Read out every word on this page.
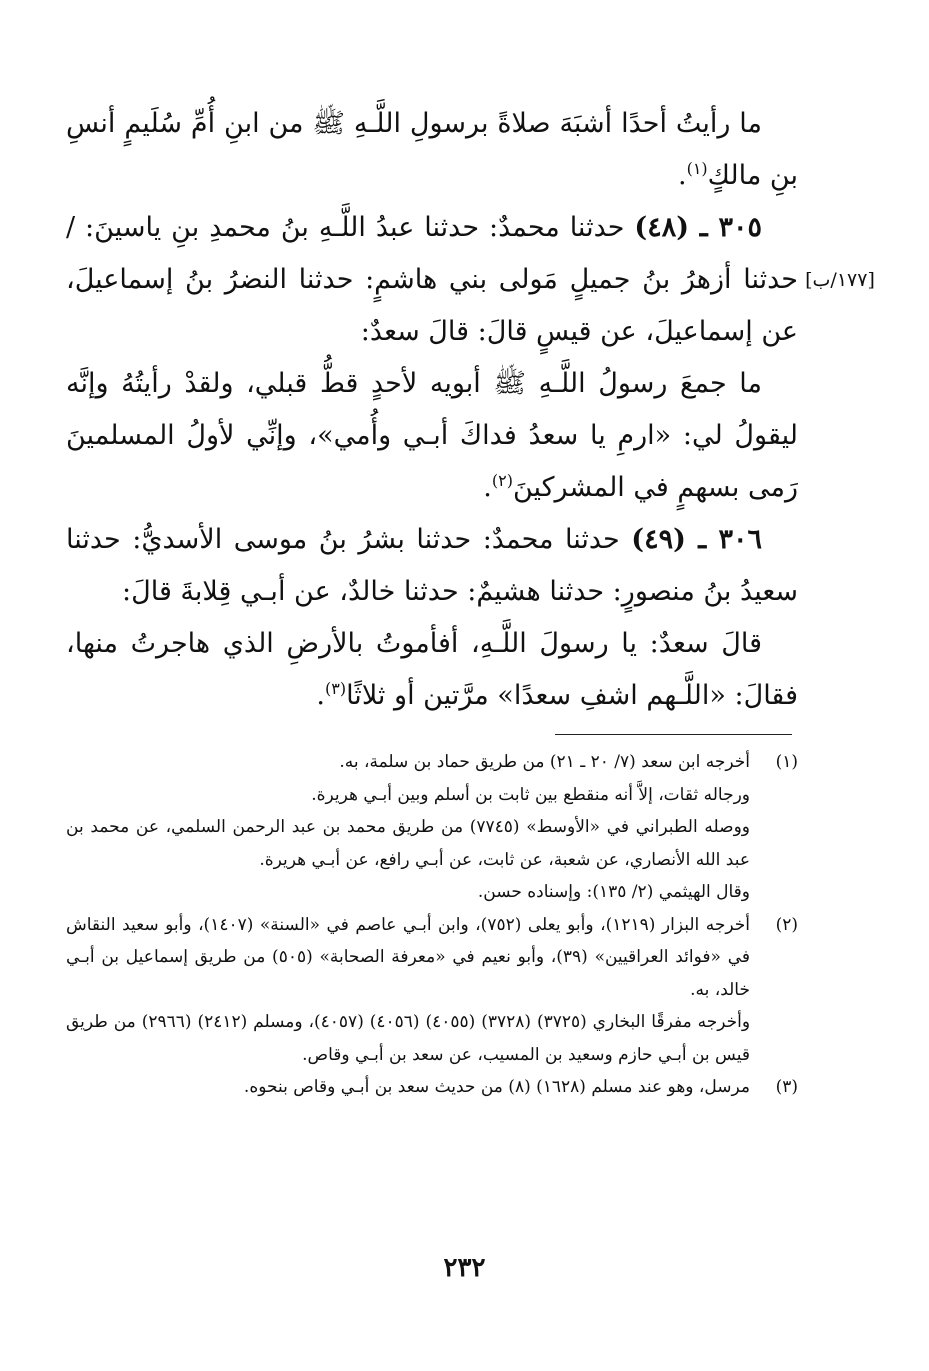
ما رأيتُ أحدًا أشبَهَ صلاةً برسولِ اللَّـهِ ﷺ من ابنِ أُمِّ سُلَيمٍ أنسِ بنِ مالكٍ$^{(١)}$.

٣٠٥ ـ (٤٨) حدثنا محمدٌ: حدثنا عبدُ اللَّـهِ بنُ محمدِ بنِ ياسينَ: / حدثنا أزهرُ بنُ جميلٍ مَولى بني هاشمٍ: حدثنا النضرُ بنُ إسماعيلَ، عن إسماعيلَ، عن قيسٍ قالَ: قالَ سعدٌ:

ما جمعَ رسولُ اللَّـهِ ﷺ أبويه لأحدٍ قطُّ قبلي، ولقدْ رأيتُهُ وإنَّه ليقولُ لي: «ارمِ يا سعدُ فداكَ أبـي وأُمي»، وإنِّي لأولُ المسلمينَ رَمى بسهمٍ في المشركينَ$^{(٢)}$.

٣٠٦ ـ (٤٩) حدثنا محمدٌ: حدثنا بشرُ بنُ موسى الأسديُّ: حدثنا سعيدُ بنُ منصورٍ: حدثنا هشيمٌ: حدثنا خالدٌ، عن أبـي قِلابةَ قالَ:

قالَ سعدٌ: يا رسولَ اللَّـهِ، أفأموتُ بالأرضِ الذي هاجرتُ منها، فقالَ: «اللَّـهم اشفِ سعدًا» مرَّتين أو ثلاثًا$^{(٣)}$.

[١٧٧/ب]
(١)
أخرجه ابن سعد (٧/ ٢٠ ـ ٢١) من طريق حماد بن سلمة، به.
ورجاله ثقات، إلاَّ أنه منقطع بين ثابت بن أسلم وبين أبـي هريرة.
ووصله الطبراني في «الأوسط» (٧٧٤٥) من طريق محمد بن عبد الرحمن السلمي، عن محمد بن عبد الله الأنصاري، عن شعبة، عن ثابت، عن أبـي رافع، عن أبـي هريرة.
وقال الهيثمي (٢/ ١٣٥): وإسناده حسن.
(٢)
أخرجه البزار (١٢١٩)، وأبو يعلى (٧٥٢)، وابن أبـي عاصم في «السنة» (١٤٠٧)، وأبو سعيد النقاش في «فوائد العراقيين» (٣٩)، وأبو نعيم في «معرفة الصحابة» (٥٠٥) من طريق إسماعيل بن أبـي خالد، به.
وأخرجه مفرقًا البخاري (٣٧٢٥) (٣٧٢٨) (٤٠٥٥) (٤٠٥٦) (٤٠٥٧)، ومسلم (٢٤١٢) (٢٩٦٦) من طريق قيس بن أبـي حازم وسعيد بن المسيب، عن سعد بن أبـي وقاص.
(٣)
مرسل، وهو عند مسلم (١٦٢٨) (٨) من حديث سعد بن أبـي وقاص بنحوه.
٢٣٢
